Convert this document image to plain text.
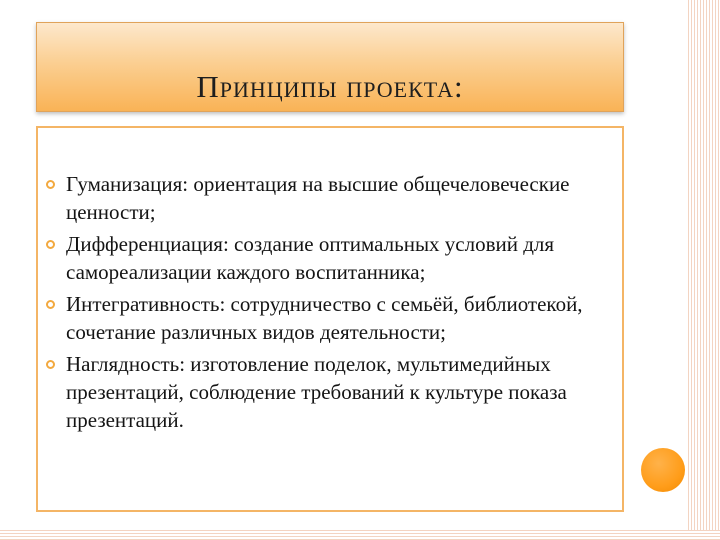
Принципы проекта:
Гуманизация: ориентация на высшие общечеловеческие ценности;
Дифференциация: создание оптимальных условий для самореализации каждого воспитанника;
Интегративность: сотрудничество с семьёй, библиотекой, сочетание различных видов деятельности;
Наглядность: изготовление поделок, мультимедийных презентаций, соблюдение требований к культуре показа презентаций.
